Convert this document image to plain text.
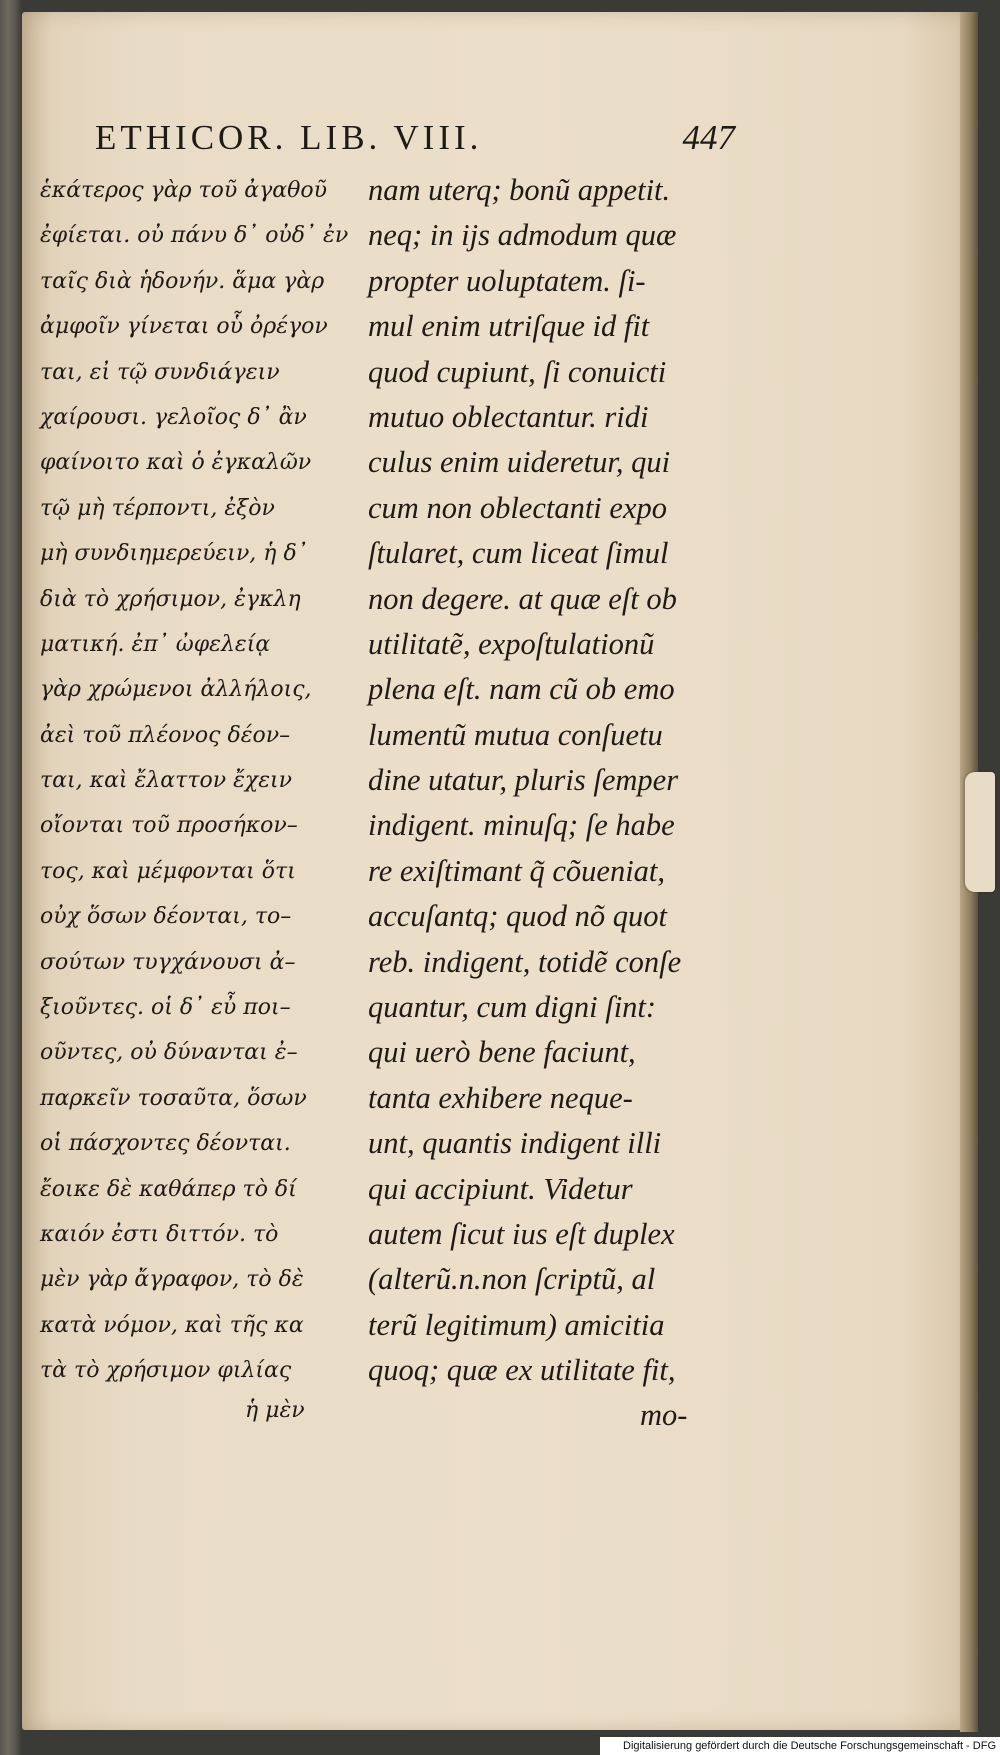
ETHICOR. LIB. VIII.	447
ἑκάτερος γὰρ τοῦ ἀγαθοῦ
ἐφίεται. οὐ πάνυ δ᾽ οὐδ᾽ ἐν
ταῖς διὰ ἡδονήν. ἅμα γὰρ
ἀμφοῖν γίνεται οὗ ὀρέγον
ται, εἰ τῷ συνδιάγειν
χαίρουσι. γελοῖος δ᾽ ἂν
φαίνοιτο καὶ ὁ ἐγκαλῶν
τῷ μὴ τέρποντι, ἐξὸν
μὴ συνδιημερεύειν, ἡ δ᾽
διὰ τὸ χρήσιμον, ἐγκλη
ματική. ἐπ᾽ ὠφελείᾳ
γὰρ χρώμενοι ἀλλήλοις,
ἀεὶ τοῦ πλέονος δέον–
ται, καὶ ἔλαττον ἔχειν
οἴονται τοῦ προσήκον–
τος, καὶ μέμφονται ὅτι
οὐχ ὅσων δέονται, το–
σούτων τυγχάνουσι ἀ–
ξιοῦντες. οἱ δ᾽ εὖ ποι–
οῦντες, οὐ δύνανται ἐ–
παρκεῖν τοσαῦτα, ὅσων
οἱ πάσχοντες δέονται.
ἔοικε δὲ καθάπερ τὸ δί
καιόν ἐστι διττόν. τὸ
μὲν γὰρ ἄγραφον, τὸ δὲ
κατὰ νόμον, καὶ τῆς κα
τὰ τὸ χρήσιμον φιλίας
nam uterq; bonũ appetit.
neq; in ijs admodum quæ
propter uoluptatem. ſi-
mul enim utriſque id fit
quod cupiunt, ſi conuicti
mutuo oblectantur. ridi
culus enim uideretur, qui
cum non oblectanti expo
ſtularet, cum liceat ſimul
non degere. at quæ eſt ob
utilitatẽ, expoſtulationũ
plena eſt. nam cũ ob emo
lumentũ mutua conſuetu
dine utatur, pluris ſemper
indigent. minuſq; ſe habe
re exiſtimant q̃ cõueniat,
accuſantq; quod nõ quot
reb. indigent, totidẽ conſe
quantur, cum digni ſint:
qui uerò bene faciunt,
tanta exhibere neque-
unt, quantis indigent illi
qui accipiunt. Videtur
autem ſicut ius eſt duplex
(alterũ.n.non ſcriptũ, al
terũ legitimum) amicitia
quoq; quæ ex utilitate fit,
ἡ μὲν	mo-
Digitalisierung gefördert durch die Deutsche Forschungsgemeinschaft - DFG
